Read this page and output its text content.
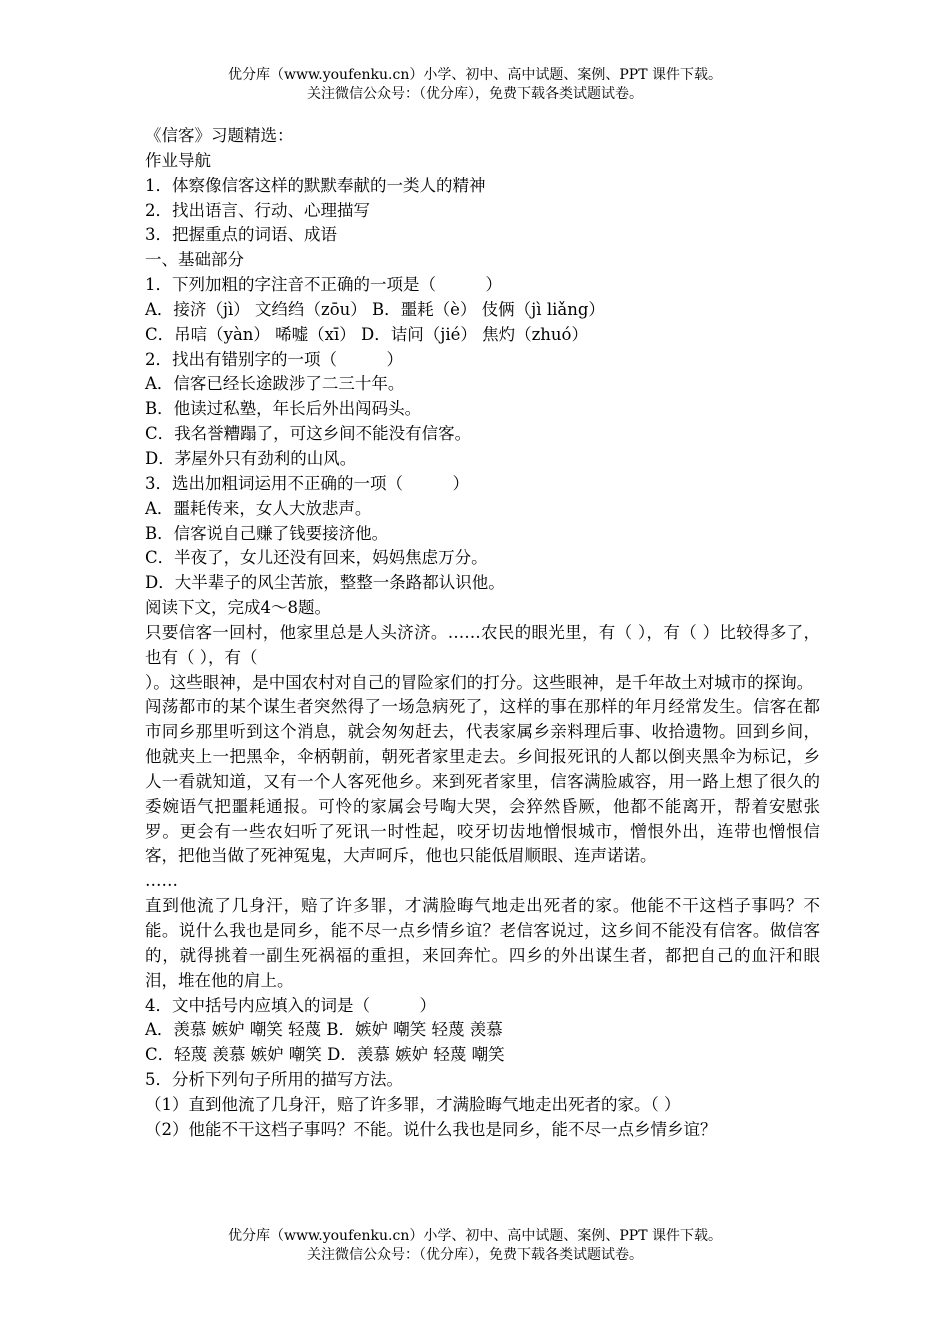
优分库（www.youfenku.cn）小学、初中、高中试题、案例、PPT 课件下载。
关注微信公众号：（优分库），免费下载各类试题试卷。
《信客》习题精选：
作业导航
1．体察像信客这样的默默奉献的一类人的精神
2．找出语言、行动、心理描写
3．把握重点的词语、成语
一、基础部分
1．下列加粗的字注音不正确的一项是（　　　）
A．接济（jì） 文绉绉（zōu） B．噩耗（è） 伎俩（jì liǎng）
C．吊唁（yàn） 唏嘘（xī） D．诘问（jié） 焦灼（zhuó）
2．找出有错别字的一项（　　　）
A．信客已经长途跋涉了二三十年。
B．他读过私塾，年长后外出闯码头。
C．我名誉糟蹋了，可这乡间不能没有信客。
D．茅屋外只有劲利的山风。
3．选出加粗词运用不正确的一项（　　　）
A．噩耗传来，女人大放悲声。
B．信客说自己赚了钱要接济他。
C．半夜了，女儿还没有回来，妈妈焦虑万分。
D．大半辈子的风尘苦旅，整整一条路都认识他。
阅读下文，完成4～8题。
只要信客一回村，他家里总是人头济济。……农民的眼光里，有（ ），有（ ）比较得多了，也有（ ），有（
）。这些眼神，是中国农村对自己的冒险家们的打分。这些眼神，是千年故土对城市的探询。
闯荡都市的某个谋生者突然得了一场急病死了，这样的事在那样的年月经常发生。信客在都市同乡那里听到这个消息，就会匆匆赶去，代表家属乡亲料理后事、收拾遗物。回到乡间，他就夹上一把黑伞，伞柄朝前，朝死者家里走去。乡间报死讯的人都以倒夹黑伞为标记，乡人一看就知道，又有一个人客死他乡。来到死者家里，信客满脸戚容，用一路上想了很久的委婉语气把噩耗通报。可怜的家属会号啕大哭，会猝然昏厥，他都不能离开，帮着安慰张罗。更会有一些农妇听了死讯一时性起，咬牙切齿地憎恨城市，憎恨外出，连带也憎恨信客，把他当做了死神冤鬼，大声呵斥，他也只能低眉顺眼、连声诺诺。
……
直到他流了几身汗，赔了许多罪，才满脸晦气地走出死者的家。他能不干这档子事吗？不能。说什么我也是同乡，能不尽一点乡情乡谊？老信客说过，这乡间不能没有信客。做信客的，就得挑着一副生死祸福的重担，来回奔忙。四乡的外出谋生者，都把自己的血汗和眼泪，堆在他的肩上。
4．文中括号内应填入的词是（　　　）
A．羡慕 嫉妒 嘲笑 轻蔑 B．嫉妒 嘲笑 轻蔑 羡慕
C．轻蔑 羡慕 嫉妒 嘲笑 D．羡慕 嫉妒 轻蔑 嘲笑
5．分析下列句子所用的描写方法。
（1）直到他流了几身汗，赔了许多罪，才满脸晦气地走出死者的家。（ ）
（2）他能不干这档子事吗？不能。说什么我也是同乡，能不尽一点乡情乡谊？
优分库（www.youfenku.cn）小学、初中、高中试题、案例、PPT 课件下载。
关注微信公众号：（优分库），免费下载各类试题试卷。
